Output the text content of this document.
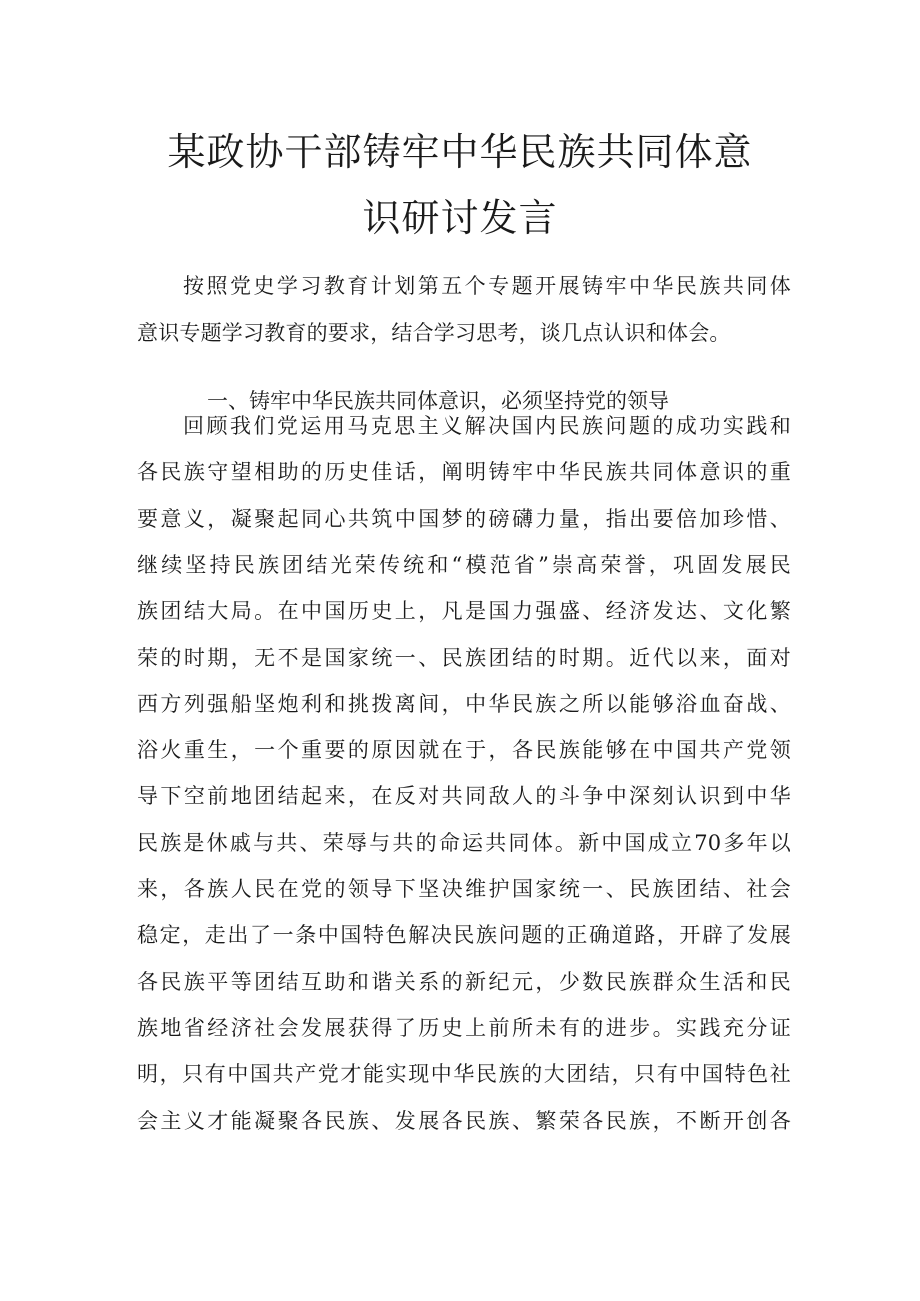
某政协干部铸牢中华民族共同体意
识研讨发言

按照党史学习教育计划第五个专题开展铸牢中华民族共同体

意识专题学习教育的要求，结合学习思考，谈几点认识和体会。

一、铸牢中华民族共同体意识，必须坚持党的领导

回顾我们党运用马克思主义解决国内民族问题的成功实践和

各民族守望相助的历史佳话，阐明铸牢中华民族共同体意识的重

要意义，凝聚起同心共筑中国梦的磅礴力量，指出要倍加珍惜、

继续坚持民族团结光荣传统和“模范省”崇高荣誉，巩固发展民

族团结大局。在中国历史上，凡是国力强盛、经济发达、文化繁

荣的时期，无不是国家统一、民族团结的时期。近代以来，面对

西方列强船坚炮利和挑拨离间，中华民族之所以能够浴血奋战、

浴火重生，一个重要的原因就在于，各民族能够在中国共产党领

导下空前地团结起来，在反对共同敌人的斗争中深刻认识到中华

民族是休戚与共、荣辱与共的命运共同体。新中国成立70多年以

来，各族人民在党的领导下坚决维护国家统一、民族团结、社会

稳定，走出了一条中国特色解决民族问题的正确道路，开辟了发展

各民族平等团结互助和谐关系的新纪元，少数民族群众生活和民

族地省经济社会发展获得了历史上前所未有的进步。实践充分证

明，只有中国共产党才能实现中华民族的大团结，只有中国特色社

会主义才能凝聚各民族、发展各民族、繁荣各民族，不断开创各
